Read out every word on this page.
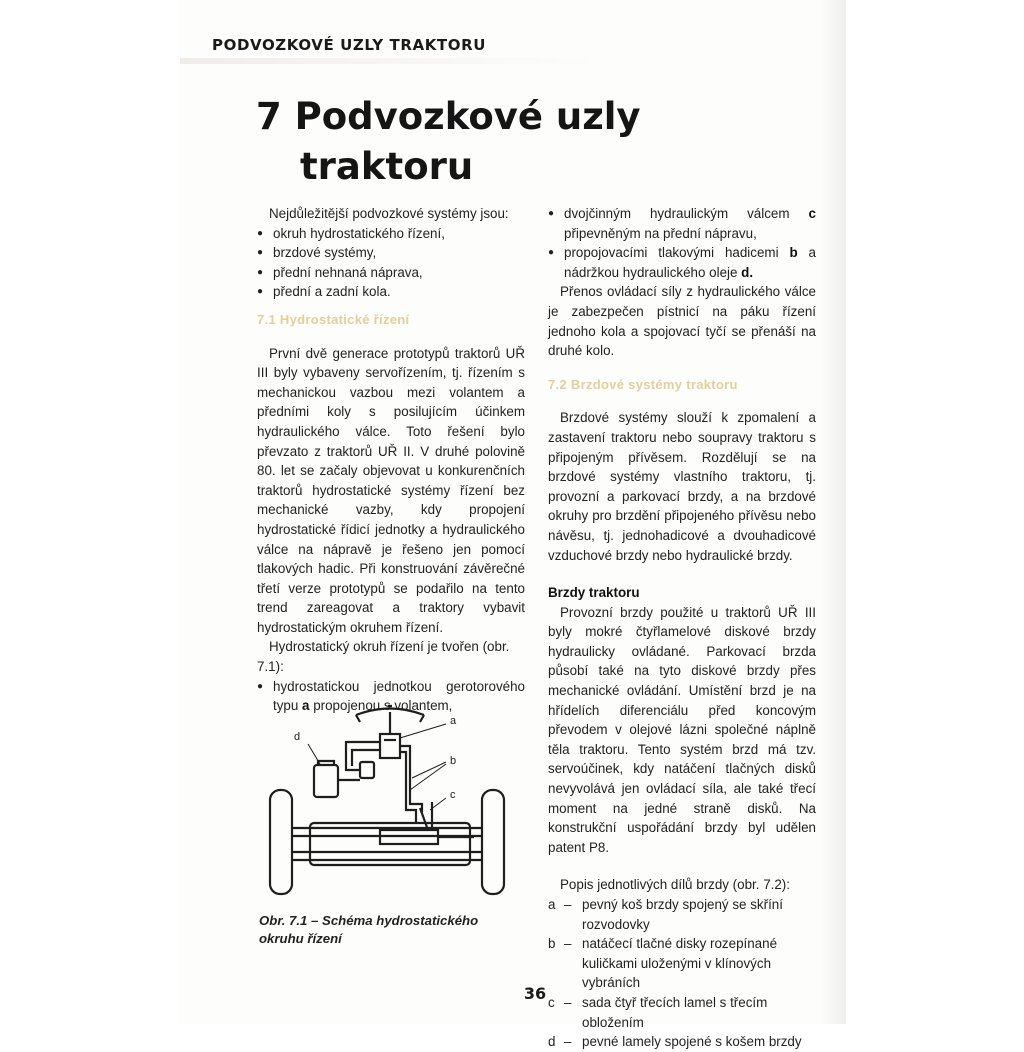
PODVOZKOVÉ UZLY TRAKTORU
7 Podvozkové uzly
traktoru

Nejdůležitější podvozkové systémy jsou:

● okruh hydrostatického řízení,
● brzdové systémy,
● přední nehnaná náprava,
● přední a zadní kola.

7.1 Hydrostatické řízení

První dvě generace prototypů traktorů UŘ III byly vybaveny servořízením, tj. řízením s mechanickou vazbou mezi volantem a předními koly s posilujícím účinkem hydraulického válce. Toto řešení bylo převzato z traktorů UŘ II. V druhé polovině 80. let se začaly objevovat u konkurenčních traktorů hydrostatické systémy řízení bez mechanické vazby, kdy propojení hydrostatické řídicí jednotky a hydraulického válce na nápravě je řešeno jen pomocí tlakových hadic. Při konstruování závěrečné třetí verze prototypů se podařilo na tento trend zareagovat a traktory vybavit hydrostatickým okruhem řízení.

Hydrostatický okruh řízení je tvořen (obr. 7.1):

● hydrostatickou jednotkou gerotorového typu a propojenou s volantem,
a
b
c
d
Obr. 7.1 – Schéma hydrostatického okruhu řízení
● dvojčinným hydraulickým válcem c připevněným na přední nápravu,
● propojovacími tlakovými hadicemi b a nádržkou hydraulického oleje d.

Přenos ovládací síly z hydraulického válce je zabezpečen pístnicí na páku řízení jednoho kola a spojovací tyčí se přenáší na druhé kolo.

7.2 Brzdové systémy traktoru

Brzdové systémy slouží k zpomalení a zastavení traktoru nebo soupravy traktoru s připojeným přívěsem. Rozdělují se na brzdové systémy vlastního traktoru, tj. provozní a parkovací brzdy, a na brzdové okruhy pro brzdění připojeného přívěsu nebo návěsu, tj. jednohadicové a dvouhadicové vzduchové brzdy nebo hydraulické brzdy.

Brzdy traktoru

Provozní brzdy použité u traktorů UŘ III byly mokré čtyřlamelové diskové brzdy hydraulicky ovládané. Parkovací brzda působí také na tyto diskové brzdy přes mechanické ovládání. Umístění brzd je na hřídelích diferenciálu před koncovým převodem v olejové lázni společné náplně těla traktoru. Tento systém brzd má tzv. servoúčinek, kdy natáčení tlačných disků nevyvolává jen ovládací síla, ale také třecí moment na jedné straně disků. Na konstrukční uspořádání brzdy byl udělen patent P8.

Popis jednotlivých dílů brzdy (obr. 7.2):

a – pevný koš brzdy spojený se skříní rozvodovky
b – natáčecí tlačné disky rozepínané kuličkami uloženými v klínových vybráních
c – sada čtyř třecích lamel s třecím obložením
d – pevné lamely spojené s košem brzdy
36
